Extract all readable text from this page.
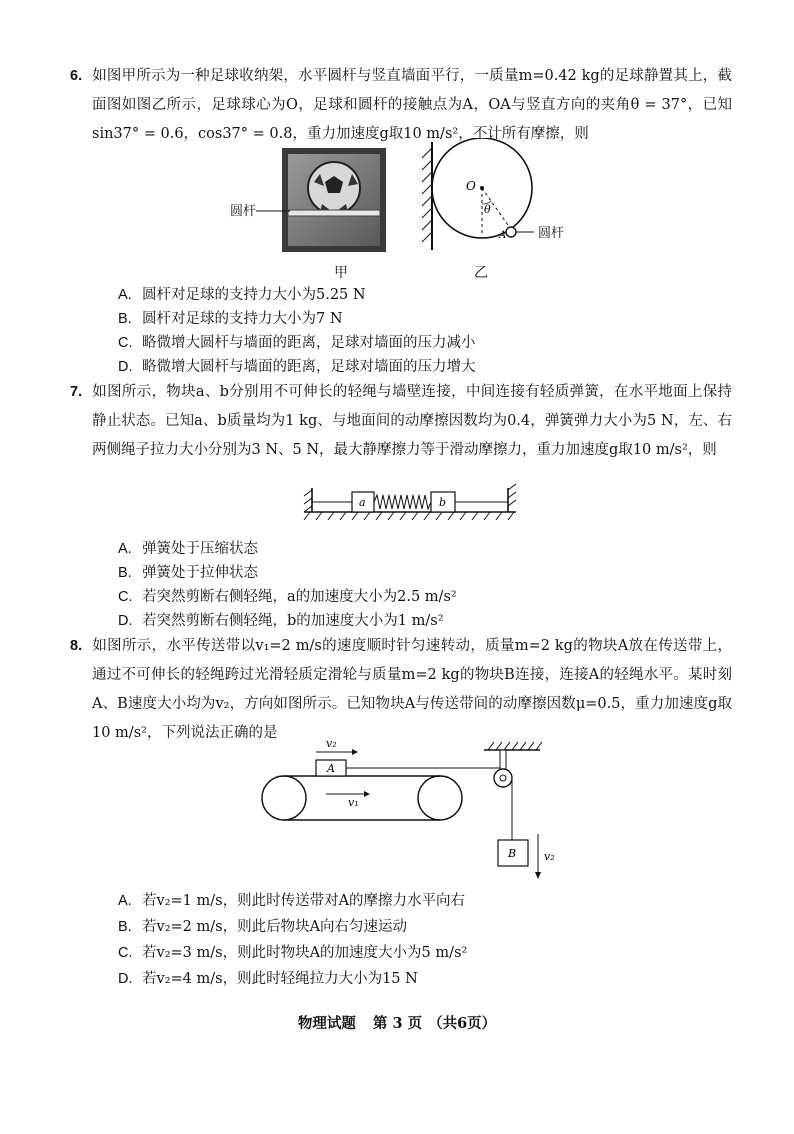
6. 如图甲所示为一种足球收纳架，水平圆杆与竖直墙面平行，一质量m=0.42 kg的足球静置其上，截面图如图乙所示，足球球心为O，足球和圆杆的接触点为A，OA与竖直方向的夹角θ = 37°，已知sin37° = 0.6，cos37° = 0.8，重力加速度g取10 m/s²，不计所有摩擦，则
圆杆
甲
O
θ
A 圆杆
乙
A. 圆杆对足球的支持力大小为5.25 N
B. 圆杆对足球的支持力大小为7 N
C. 略微增大圆杆与墙面的距离，足球对墙面的压力减小
D. 略微增大圆杆与墙面的距离，足球对墙面的压力增大
7. 如图所示，物块a、b分别用不可伸长的轻绳与墙壁连接，中间连接有轻质弹簧，在水平地面上保持静止状态。已知a、b质量均为1 kg、与地面间的动摩擦因数均为0.4，弹簧弹力大小为5 N，左、右两侧绳子拉力大小分别为3 N、5 N，最大静摩擦力等于滑动摩擦力，重力加速度g取10 m/s²，则
a	b
A. 弹簧处于压缩状态
B. 弹簧处于拉伸状态
C. 若突然剪断右侧轻绳，a的加速度大小为2.5 m/s²
D. 若突然剪断右侧轻绳，b的加速度大小为1 m/s²
8. 如图所示，水平传送带以v₁=2 m/s的速度顺时针匀速转动，质量m=2 kg的物块A放在传送带上，通过不可伸长的轻绳跨过光滑轻质定滑轮与质量m=2 kg的物块B连接，连接A的轻绳水平。某时刻A、B速度大小均为v₂，方向如图所示。已知物块A与传送带间的动摩擦因数μ=0.5，重力加速度g取10 m/s²，下列说法正确的是
A
v₂
v₁
B	v₂
A. 若v₂=1 m/s，则此时传送带对A的摩擦力水平向右
B. 若v₂=2 m/s，则此后物块A向右匀速运动
C. 若v₂=3 m/s，则此时物块A的加速度大小为5 m/s²
D. 若v₂=4 m/s，则此时轻绳拉力大小为15 N
物理试题 第 3 页 （共6页）
